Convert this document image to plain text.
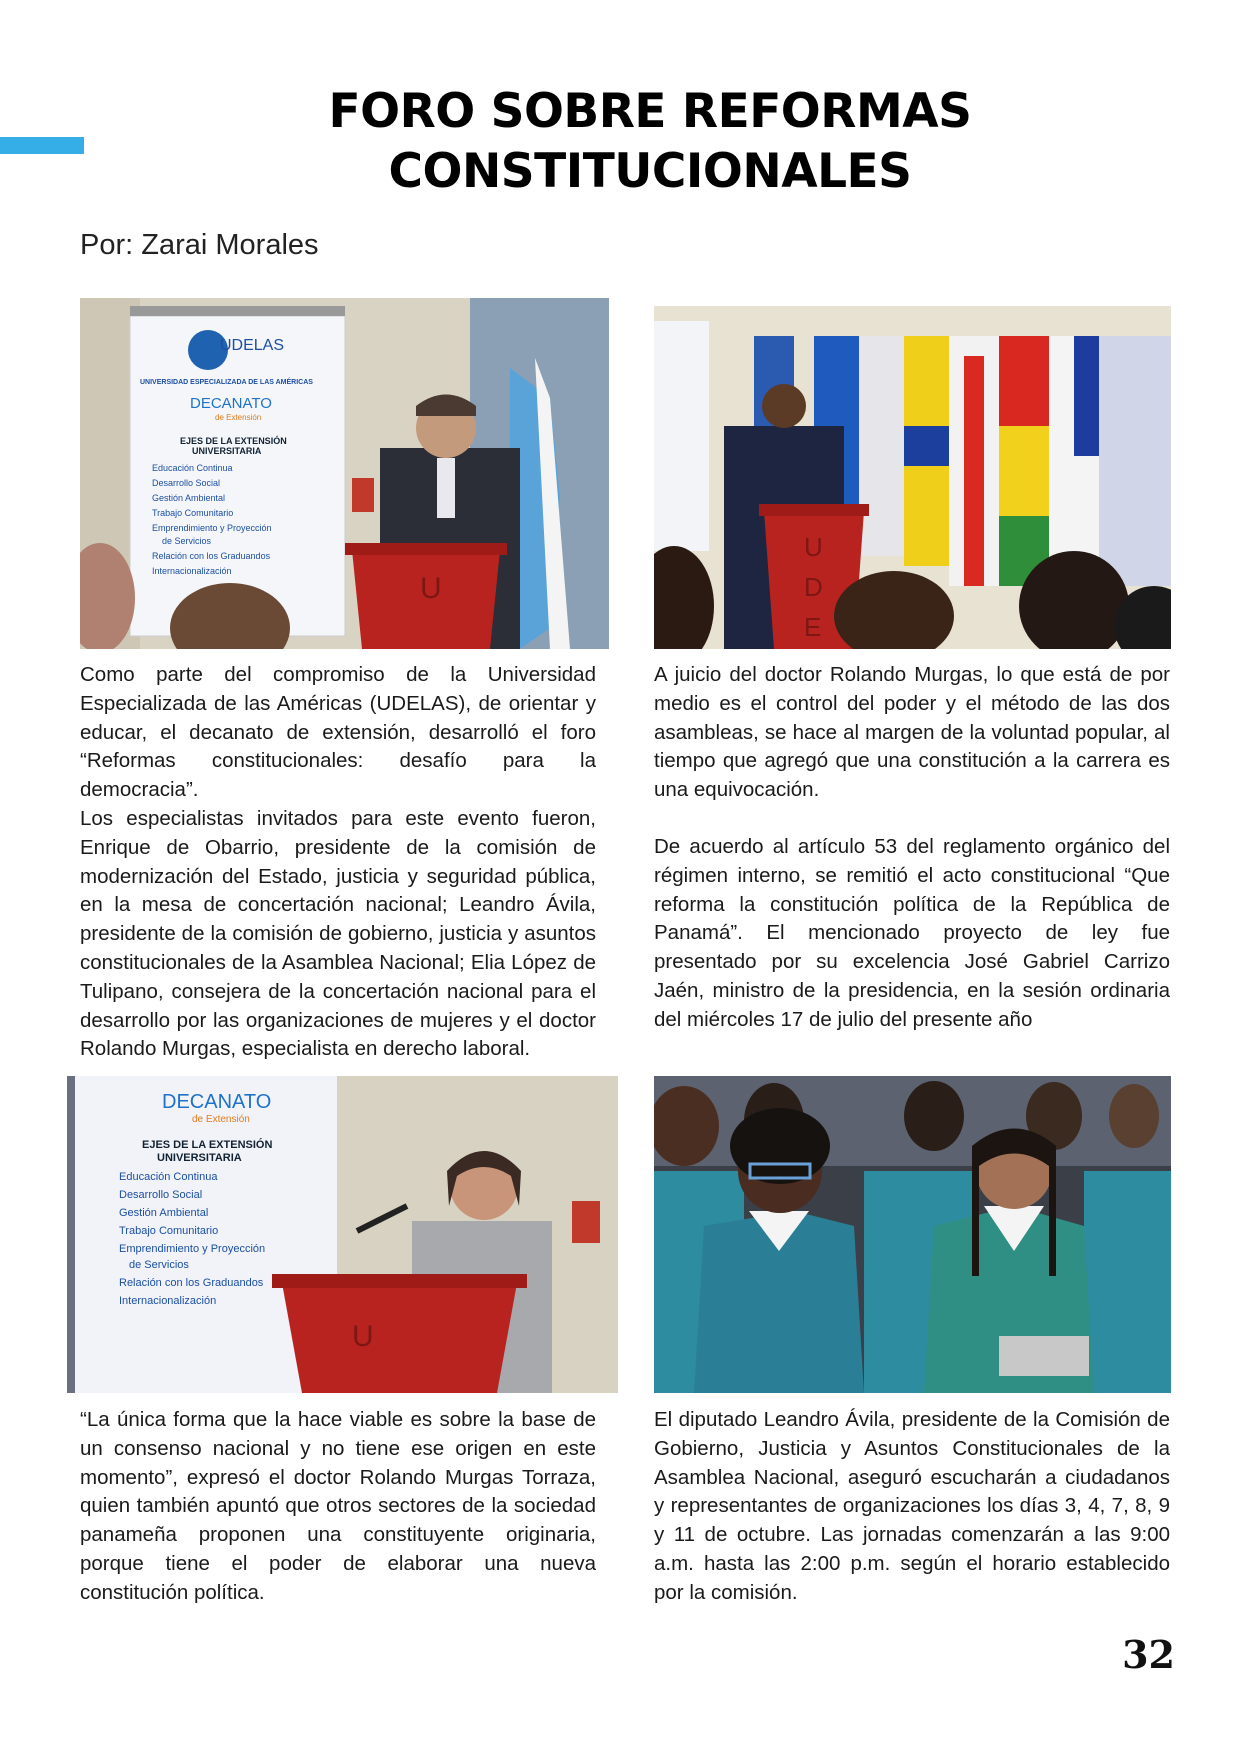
FORO SOBRE REFORMAS
CONSTITUCIONALES
Por: Zarai Morales
UDELAS
UNIVERSIDAD ESPECIALIZADA DE LAS AMÉRICAS
DECANATO
de Extensión
EJES DE LA EXTENSIÓN
UNIVERSITARIA
Educación Continua
Desarrollo Social
Gestión Ambiental
Trabajo Comunitario
Emprendimiento y Proyección
de Servicios
Relación con los Graduandos
Internacionalización
U
U
D
E

Como parte del compromiso de la Universidad Especializada de las Américas (UDELAS), de orientar y educar, el decanato de extensión, desarrolló el foro “Reformas constitucionales: desafío para la democracia”.

Los especialistas invitados para este evento fueron, Enrique de Obarrio, presidente de la comisión de modernización del Estado, justicia y seguridad pública, en la mesa de concertación nacional; Leandro Ávila, presidente de la comisión de gobierno, justicia y asuntos constitucionales de la Asamblea Nacional; Elia López de Tulipano, consejera de la concertación nacional para el desarrollo por las organizaciones de mujeres y el doctor Rolando Murgas, especialista en derecho laboral.

A juicio del doctor Rolando Murgas, lo que está de por medio es el control del poder y el método de las dos asambleas, se hace al margen de la voluntad popular, al tiempo que agregó que una constitución a la carrera es una equivocación.

De acuerdo al artículo 53 del reglamento orgánico del régimen interno, se remitió el acto constitucional “Que reforma la constitución política de la República de Panamá”. El mencionado proyecto de ley fue presentado por su excelencia José Gabriel Carrizo Jaén, ministro de la presidencia, en la sesión ordinaria del miércoles 17 de julio del presente año

DECANATO
de Extensión
EJES DE LA EXTENSIÓN
UNIVERSITARIA
Educación Continua
Desarrollo Social
Gestión Ambiental
Trabajo Comunitario
Emprendimiento y Proyección
de Servicios
Relación con los Graduandos
Internacionalización
U

“La única forma que la hace viable es sobre la base de un consenso nacional y no tiene ese origen en este momento”, expresó el doctor Rolando Murgas Torraza, quien también apuntó que otros sectores de la sociedad panameña proponen una constituyente originaria, porque tiene el poder de elaborar una nueva constitución política.

El diputado Leandro Ávila, presidente de la Comisión de Gobierno, Justicia y Asuntos Constitucionales de la Asamblea Nacional, aseguró escucharán a ciudadanos y representantes de organizaciones los días 3, 4, 7, 8, 9 y 11 de octubre. Las jornadas comenzarán a las 9:00 a.m. hasta las 2:00 p.m. según el horario establecido por la comisión.

32
